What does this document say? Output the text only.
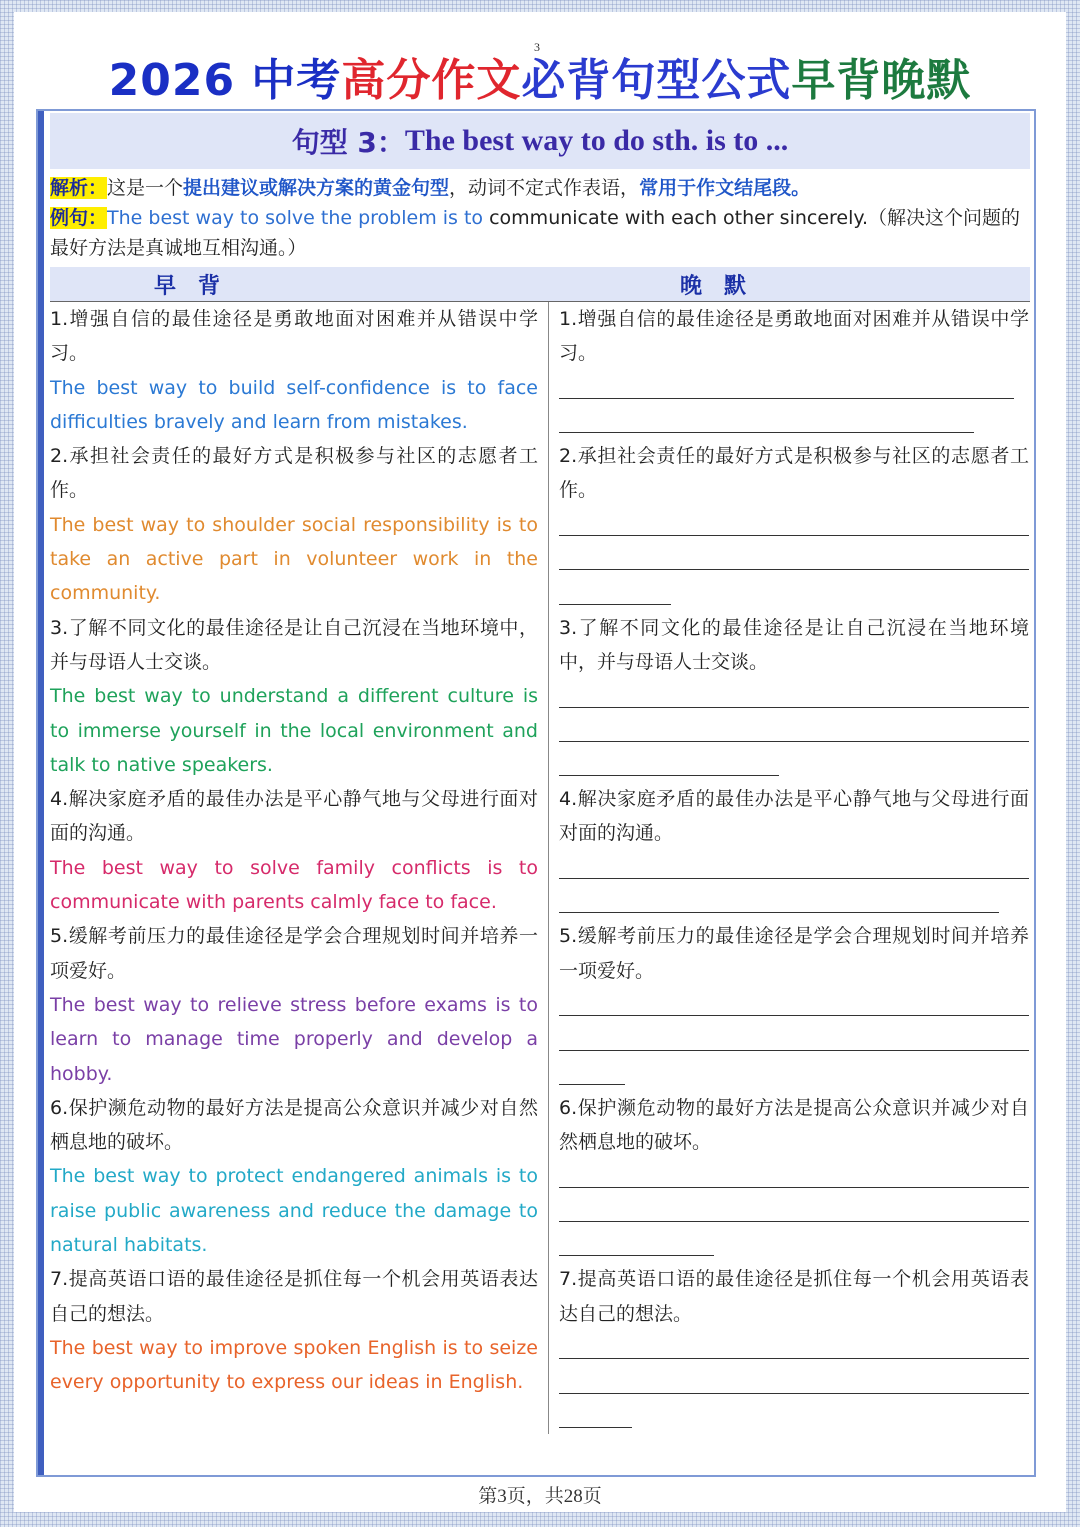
3
2026 中考高分作文必背句型公式早背晚默
句型 3： The best way to do sth. is to ...
解析：这是一个提出建议或解决方案的黄金句型，动词不定式作表语，常用于作文结尾段。
例句：The best way to solve the problem is to communicate with each other sincerely.（解决这个问题的最好方法是真诚地互相沟通。）
早背	晚默
1.增强自信的最佳途径是勇敢地面对困难并从错误中学习。
The best way to build self-confidence is to face difficulties bravely and learn from mistakes.
2.承担社会责任的最好方式是积极参与社区的志愿者工作。
The best way to shoulder social responsibility is to take an active part in volunteer work in the community.
3.了解不同文化的最佳途径是让自己沉浸在当地环境中，并与母语人士交谈。
The best way to understand a different culture is to immerse yourself in the local environment and talk to native speakers.
4.解决家庭矛盾的最佳办法是平心静气地与父母进行面对面的沟通。
The best way to solve family conflicts is to communicate with parents calmly face to face.
5.缓解考前压力的最佳途径是学会合理规划时间并培养一项爱好。
The best way to relieve stress before exams is to learn to manage time properly and develop a hobby.
6.保护濒危动物的最好方法是提高公众意识并减少对自然栖息地的破坏。
The best way to protect endangered animals is to raise public awareness and reduce the damage to natural habitats.
7.提高英语口语的最佳途径是抓住每一个机会用英语表达自己的想法。
The best way to improve spoken English is to seize every opportunity to express our ideas in English.
1.增强自信的最佳途径是勇敢地面对困难并从错误中学习。
2.承担社会责任的最好方式是积极参与社区的志愿者工作。
3.了解不同文化的最佳途径是让自己沉浸在当地环境中，并与母语人士交谈。
4.解决家庭矛盾的最佳办法是平心静气地与父母进行面对面的沟通。
5.缓解考前压力的最佳途径是学会合理规划时间并培养一项爱好。
6.保护濒危动物的最好方法是提高公众意识并减少对自然栖息地的破坏。
7.提高英语口语的最佳途径是抓住每一个机会用英语表达自己的想法。
第3页，共28页
